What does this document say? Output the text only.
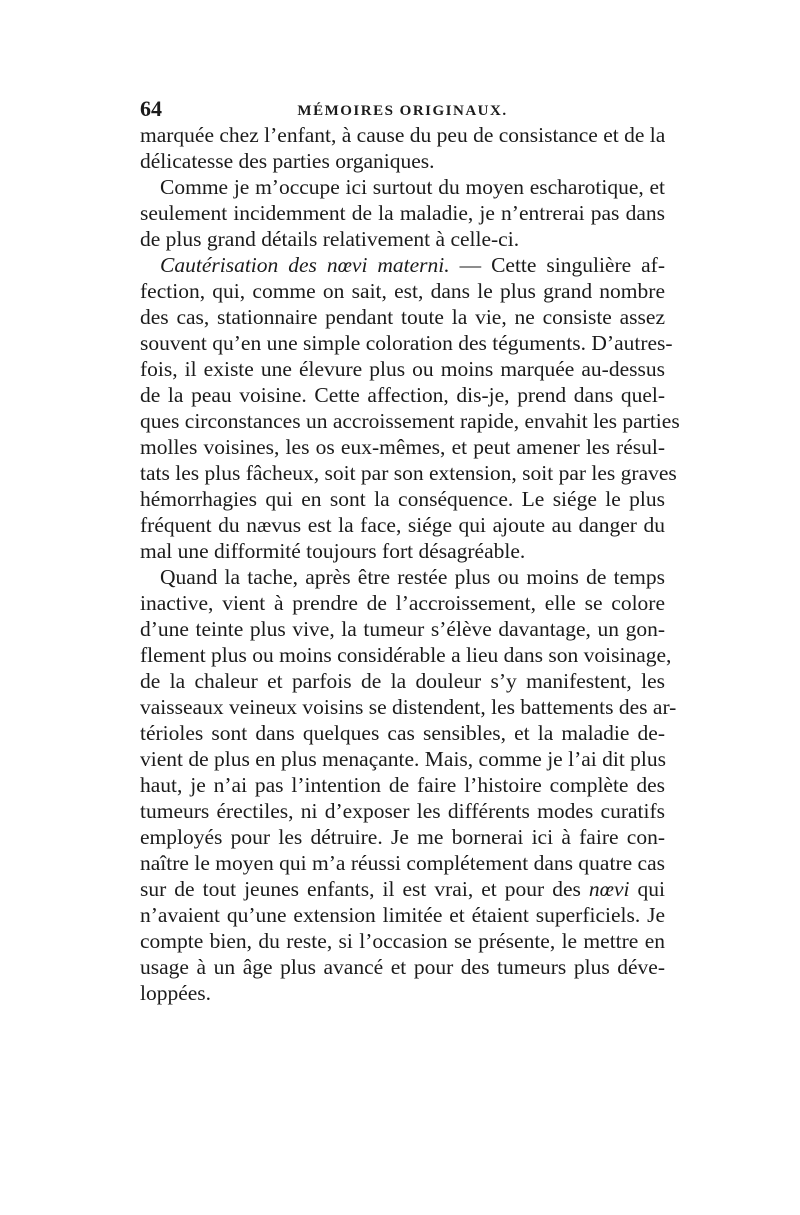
64	MÉMOIRES ORIGINAUX.
marquée chez l’enfant, à cause du peu de consistance et de la
délicatesse des parties organiques.
Comme je m’occupe ici surtout du moyen escharotique, et
seulement incidemment de la maladie, je n’entrerai pas dans
de plus grand détails relativement à celle-ci.
Cautérisation des nœvi materni. — Cette singulière af-
fection, qui, comme on sait, est, dans le plus grand nombre
des cas, stationnaire pendant toute la vie, ne consiste assez
souvent qu’en une simple coloration des téguments. D’autres-
fois, il existe une élevure plus ou moins marquée au-dessus
de la peau voisine. Cette affection, dis-je, prend dans quel-
ques circonstances un accroissement rapide, envahit les parties
molles voisines, les os eux-mêmes, et peut amener les résul-
tats les plus fâcheux, soit par son extension, soit par les graves
hémorrhagies qui en sont la conséquence. Le siége le plus
fréquent du nævus est la face, siége qui ajoute au danger du
mal une difformité toujours fort désagréable.
Quand la tache, après être restée plus ou moins de temps
inactive, vient à prendre de l’accroissement, elle se colore
d’une teinte plus vive, la tumeur s’élève davantage, un gon-
flement plus ou moins considérable a lieu dans son voisinage,
de la chaleur et parfois de la douleur s’y manifestent, les
vaisseaux veineux voisins se distendent, les battements des ar-
térioles sont dans quelques cas sensibles, et la maladie de-
vient de plus en plus menaçante. Mais, comme je l’ai dit plus
haut, je n’ai pas l’intention de faire l’histoire complète des
tumeurs érectiles, ni d’exposer les différents modes curatifs
employés pour les détruire. Je me bornerai ici à faire con-
naître le moyen qui m’a réussi complétement dans quatre cas
sur de tout jeunes enfants, il est vrai, et pour des nœvi qui
n’avaient qu’une extension limitée et étaient superficiels. Je
compte bien, du reste, si l’occasion se présente, le mettre en
usage à un âge plus avancé et pour des tumeurs plus déve-
loppées.
